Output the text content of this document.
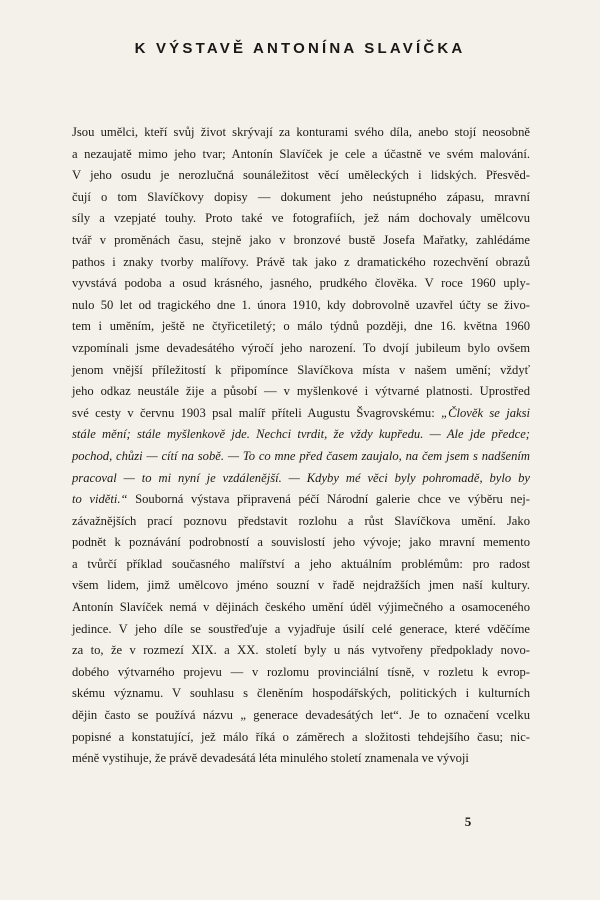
K VÝSTAVĚ ANTONÍNA SLAVÍČKA
Jsou umělci, kteří svůj život skrývají za konturami svého díla, anebo stojí neosobně
a nezaujatě mimo jeho tvar; Antonín Slavíček je cele a účastně ve svém malování.
V jeho osudu je nerozlučná sounáležitost věcí uměleckých i lidských. Přesvěd-
čují o tom Slavíčkovy dopisy — dokument jeho neústupného zápasu, mravní
síly a vzepjaté touhy. Proto také ve fotografiích, jež nám dochovaly umělcovu
tvář v proměnách času, stejně jako v bronzové bustě Josefa Mařatky, zahlédáme
pathos i znaky tvorby malířovy. Právě tak jako z dramatického rozechvění obrazů
vyvstává podoba a osud krásného, jasného, prudkého člověka. V roce 1960 uply-
nulo 50 let od tragického dne 1. února 1910, kdy dobrovolně uzavřel účty se živo-
tem i uměním, ještě ne čtyřicetiletý; o málo týdnů později, dne 16. května 1960
vzpomínali jsme devadesátého výročí jeho narození. To dvojí jubileum bylo ovšem
jenom vnější příležitostí k připomínce Slavíčkova místa v našem umění; vždyť
jeho odkaz neustále žije a působí — v myšlenkové i výtvarné platnosti. Uprostřed
své cesty v červnu 1903 psal malíř příteli Augustu Švagrovskému: „Člověk se jaksi
stále mění; stále myšlenkově jde. Nechci tvrdit, že vždy kupředu. — Ale jde předce;
pochod, chůzi — cítí na sobě. — To co mne před časem zaujalo, na čem jsem s nadšením
pracoval — to mi nyní je vzdálenější. — Kdyby mé věci byly pohromadě, bylo by
to viděti.“ Souborná výstava připravená péčí Národní galerie chce ve výběru nej-
závažnějších prací poznovu představit rozlohu a růst Slavíčkova umění. Jako
podnět k poznávání podrobností a souvislostí jeho vývoje; jako mravní memento
a tvůrčí příklad současného malířství a jeho aktuálním problémům: pro radost
všem lidem, jimž umělcovo jméno souzní v řadě nejdražších jmen naší kultury.
Antonín Slavíček nemá v dějinách českého umění úděl výjimečného a osamoceného
jedince. V jeho díle se soustřeďuje a vyjadřuje úsilí celé generace, které vděčíme
za to, že v rozmezí XIX. a XX. století byly u nás vytvořeny předpoklady novo-
dobého výtvarného projevu — v rozlomu provinciální tísně, v rozletu k evrop-
skému významu. V souhlasu s členěním hospodářských, politických i kulturních
dějin často se používá názvu „ generace devadesátých let“. Je to označení vcelku
popisné a konstatující, jež málo říká o záměrech a složitosti tehdejšího času; nic-
méně vystihuje, že právě devadesátá léta minulého století znamenala ve vývoji
5
